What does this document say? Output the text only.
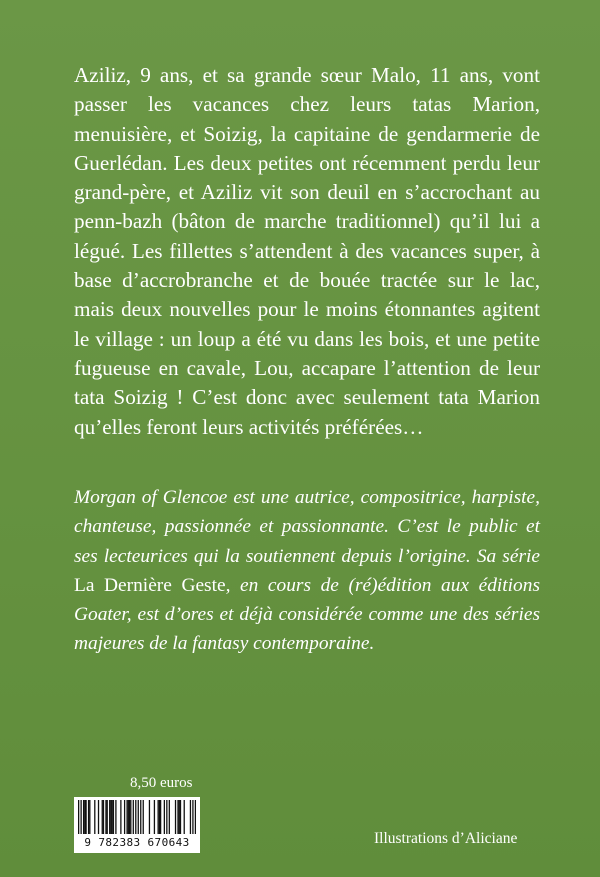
Aziliz, 9 ans, et sa grande sœur Malo, 11 ans, vont passer les vacances chez leurs tatas Marion, menuisière, et Soizig, la capitaine de gendarmerie de Guerlédan. Les deux petites ont récemment perdu leur grand-père, et Aziliz vit son deuil en s’accrochant au penn-bazh (bâton de marche traditionnel) qu’il lui a légué. Les fillettes s’attendent à des vacances super, à base d’accrobranche et de bouée tractée sur le lac, mais deux nouvelles pour le moins étonnantes agitent le village : un loup a été vu dans les bois, et une petite fugueuse en cavale, Lou, accapare l’attention de leur tata Soizig ! C’est donc avec seulement tata Marion qu’elles feront leurs activités préférées…

Morgan of Glencoe est une autrice, compositrice, harpiste, chanteuse, passionnée et passionnante. C’est le public et ses lecteurices qui la soutiennent depuis l’origine. Sa série La Dernière Geste, en cours de (ré)édition aux éditions Goater, est d’ores et déjà considérée comme une des séries majeures de la fantasy contemporaine.

8,50 euros
9 782383 670643	Illustrations d’Aliciane
